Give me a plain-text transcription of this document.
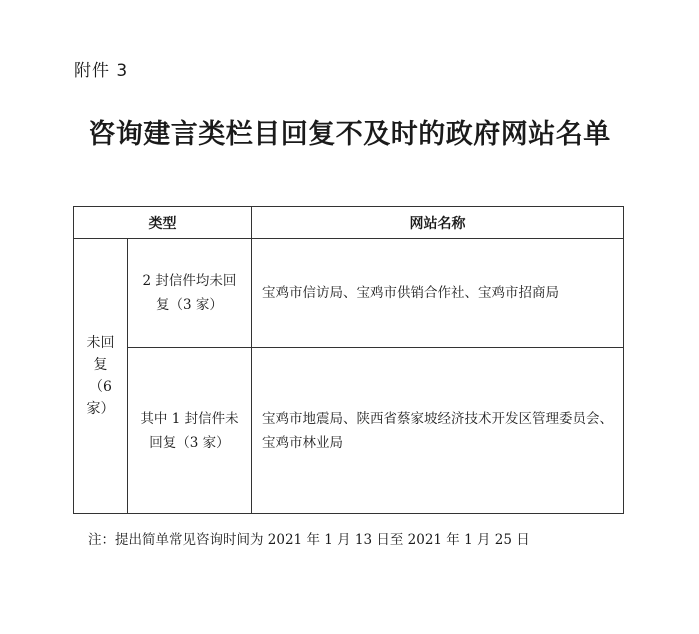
附件 3
咨询建言类栏目回复不及时的政府网站名单
类型		网站名称
未回复（6家）	2 封信件均未回复（3 家）	宝鸡市信访局、宝鸡市供销合作社、宝鸡市招商局
	其中 1 封信件未回复（3 家）	宝鸡市地震局、陕西省蔡家坡经济技术开发区管理委员会、宝鸡市林业局
注：提出简单常见咨询时间为 2021 年 1 月 13 日至 2021 年 1 月 25 日
